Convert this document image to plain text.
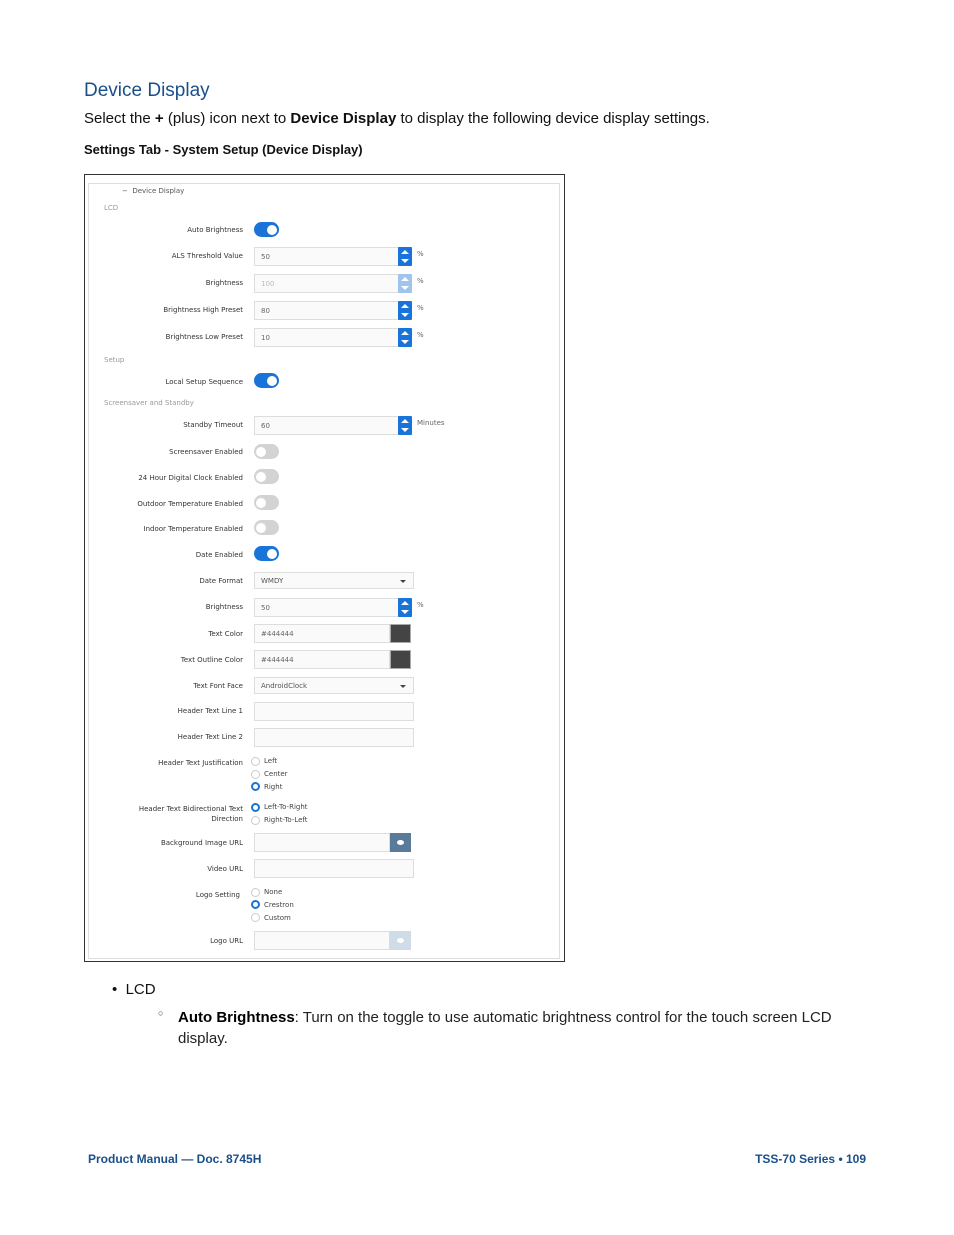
Device Display

Select the + (plus) icon next to Device Display to display the following device display settings.

Settings Tab - System Setup (Device Display)
− Device Display
LCD
Auto Brightness
ALS Threshold Value	50	%
Brightness	100	%
Brightness High Preset	80	%
Brightness Low Preset	10	%
Setup
Local Setup Sequence
Screensaver and Standby
Standby Timeout	60	Minutes
Screensaver Enabled
24 Hour Digital Clock Enabled
Outdoor Temperature Enabled
Indoor Temperature Enabled
Date Enabled
Date Format	WMDY
Brightness	50	%
Text Color	#444444
Text Outline Color	#444444
Text Font Face	AndroidClock
Header Text Line 1
Header Text Line 2
Header Text Justification	Left
Center
Right
Header Text Bidirectional Text Direction
Left-To-Right
Right-To-Left
Background Image URL
Video URL
Logo Setting	None
Crestron
Custom
Logo URL
•  LCD
○ Auto Brightness: Turn on the toggle to use automatic brightness control for the touch screen LCD display.
Product Manual — Doc. 8745H	TSS-70 Series • 109
